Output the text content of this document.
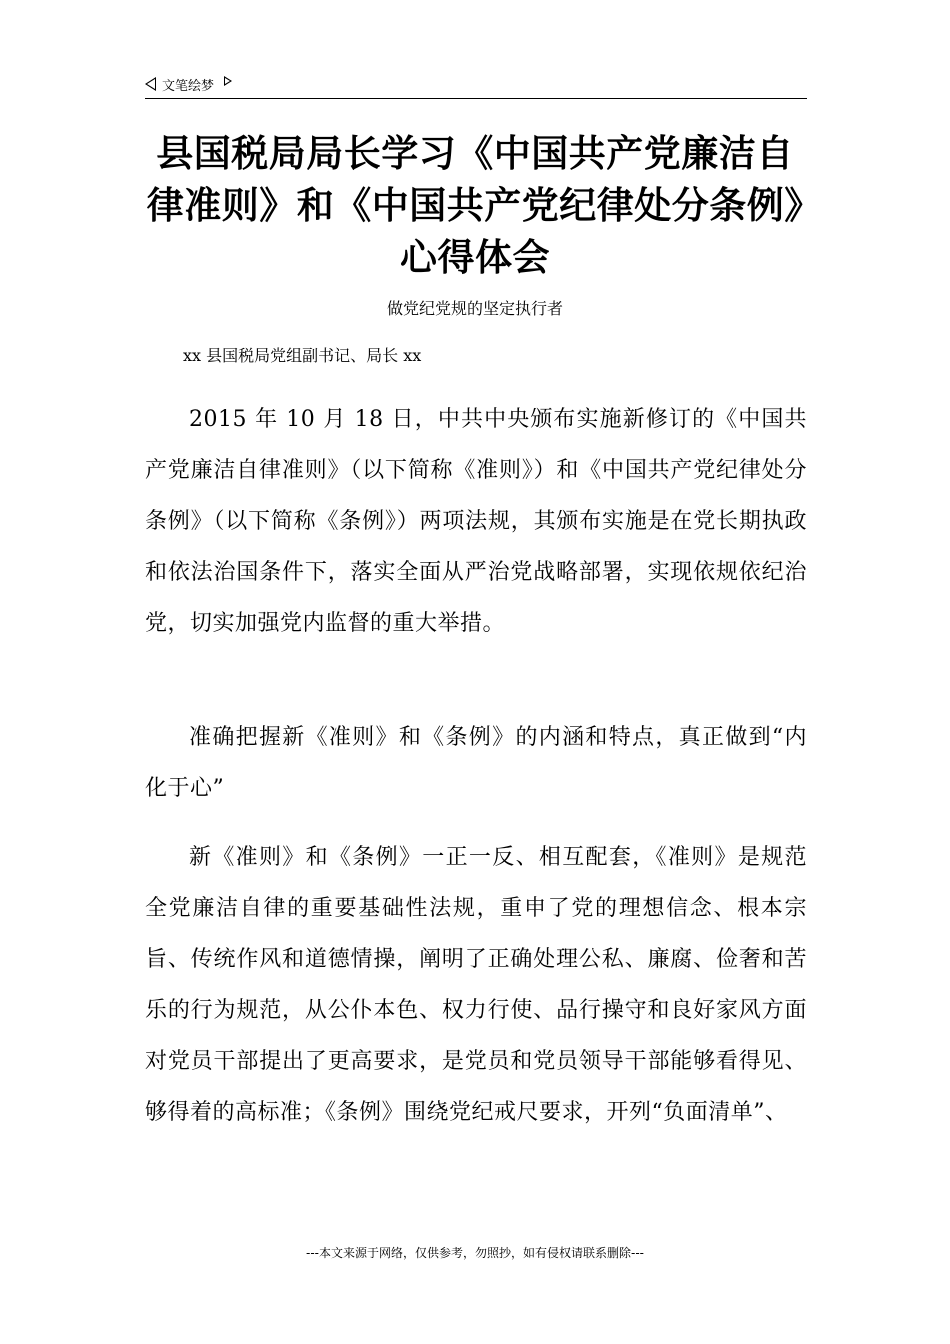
文笔绘梦
县国税局局长学习《中国共产党廉洁自律准则》和《中国共产党纪律处分条例》心得体会
做党纪党规的坚定执行者
xx 县国税局党组副书记、局长 xx

2015 年 10 月 18 日，中共中央颁布实施新修订的《中国共产党廉洁自律准则》（以下简称《准则》）和《中国共产党纪律处分条例》（以下简称《条例》）两项法规，其颁布实施是在党长期执政和依法治国条件下，落实全面从严治党战略部署，实现依规依纪治党，切实加强党内监督的重大举措。

准确把握新《准则》和《条例》的内涵和特点，真正做到“内化于心”

新《准则》和《条例》一正一反、相互配套，《准则》是规范全党廉洁自律的重要基础性法规，重申了党的理想信念、根本宗旨、传统作风和道德情操，阐明了正确处理公私、廉腐、俭奢和苦乐的行为规范，从公仆本色、权力行使、品行操守和良好家风方面对党员干部提出了更高要求，是党员和党员领导干部能够看得见、够得着的高标准；《条例》围绕党纪戒尺要求，开列“负面清单”、

---本文来源于网络，仅供参考，勿照抄，如有侵权请联系删除---
